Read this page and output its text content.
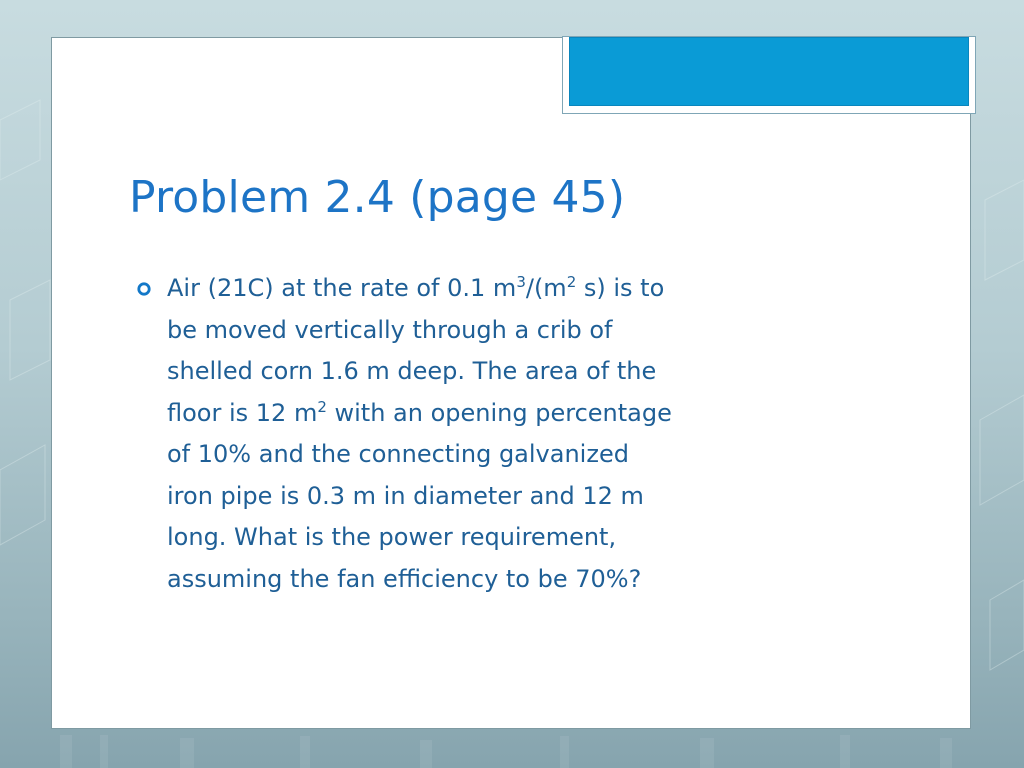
Problem 2.4 (page 45)
Air (21C) at the rate of 0.1 $m^3/(m^2$ s) is to
be moved vertically through a crib of
shelled corn 1.6 m deep. The area of the
floor is 12 $m^2$ with an opening percentage
of 10% and the connecting galvanized
iron pipe is 0.3 m in diameter and 12 m
long. What is the power requirement,
assuming the fan efficiency to be 70%?
